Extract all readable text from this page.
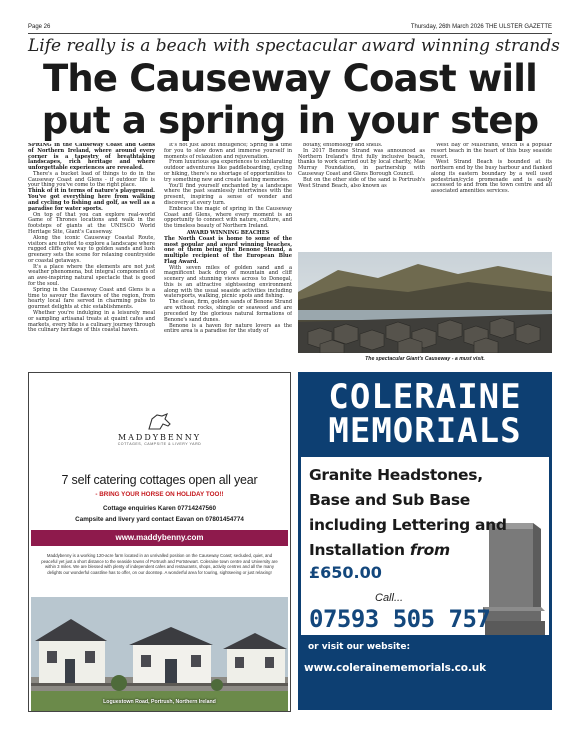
Page 26	Thursday, 26th March 2026 THE ULSTER GAZETTE
Life really is a beach with spectacular award winning strands
The Causeway Coast will put a spring in your step

SPRING in the Causeway Coast and Glens of Northern Ireland, where around every corner is a tapestry of breathtaking landscapes, rich heritage and where unforgettable experiences are revealed.

There's a bucket load of things to do in the Causeway Coast and Glens - if outdoor life is your thing you've come to the right place.

Think of it in terms of nature's playground. You've got everything here from walking and cycling to fishing and golf, as well as a paradise for water sports.

On top of that you can explore real-world Game of Thrones locations and walk in the footsteps of giants at the UNESCO World Heritage Site, Giant's Causeway.

Along the iconic Causeway Coastal Route, visitors are invited to explore a landscape where rugged cliffs give way to golden sands and lush greenery sets the scene for relaxing countryside or coastal getaways.

It's a place where the elements are not just weather phenomena, but integral components of an awe-inspiring natural spectacle that is good for the soul.

Spring in the Causeway Coast and Glens is a time to savour the flavours of the region, from hearty local fare served in charming pubs to gourmet delights at chic establishments.

Whether you're indulging in a leisurely meal or sampling artisanal treats at quaint cafes and markets, every bite is a culinary journey through the culinary heritage of this coastal haven.

It's not just about indulgence; Spring is a time for you to slow down and immerse yourself in moments of relaxation and rejuvenation.

From luxurious spa experiences to exhilarating outdoor adventures like paddleboarding, cycling or hiking, there's no shortage of opportunities to try something new and create lasting memories.

You'll find yourself enchanted by a landscape where the past seamlessly intertwines with the present, inspiring a sense of wonder and discovery at every turn.

Embrace the magic of spring in the Causeway Coast and Glens, where every moment is an opportunity to connect with nature, culture, and the timeless beauty of Northern Ireland.

AWARD WINNING BEACHES

The North Coast is home to some of the most popular and award winning beaches, one of them being the Benone Strand, a multiple recipient of the European Blue Flag Award.

With seven miles of golden sand and a magnificent back drop of mountain and cliff scenery and stunning views across to Donegal, this is an attractive sightseeing environment along with the usual seaside activities including watersports, walking, picnic spots and fishing.

The clean, firm, golden sands of Benone Strand are without rocks, shingle or seaweed and are preceded by the glorious natural formations of Benone's sand dunes.

Benone is a haven for nature lovers as the entire area is a paradise for the study of

botany, entomology and shells.

In 2017 Benone Strand was announced as Northern Ireland's first fully inclusive beach, thanks to work carried out by local charity, Mae Murray Foundation, in partnership with Causeway Coast and Glens Borough Council.

But on the other side of the sand is Portrush's West Strand Beach, also known as

West Bay or Millstrand, which is a popular resort beach in the heart of this busy seaside resort.

West Strand Beach is bounded at its northern end by the busy harbour and flanked along its eastern boundary by a well used pedestrian/cycle promenade and is easily accessed to and from the town centre and all associated amenities services.

The spectacular Giant's Causeway - a must visit.
MADDYBENNY
COTTAGES, CAMPSITE & LIVERY YARD
7 self catering cottages open all year
- BRING YOUR HORSE ON HOLIDAY TOO!!
Cottage enquiries Karen 07714247560
Campsite and livery yard contact Eavan on 07801454774
www.maddybenny.com
Maddybenny is a working 120-acre farm located in an unrivalled position on the Causeway Coast; secluded, quiet, and peaceful yet just a short distance to the seaside towns of Portrush and Portstewart. Coleraine town centre and University are within 3 miles. We are blessed with plenty of independent cafes and restaurants, shops, activity centres and all the many delights our wonderful coastline has to offer, on our doorstep. A wonderful area for touring, sightseeing or just relaxing!
Loguestown Road, Portrush, Northern Ireland
COLERAINE
MEMORIALS
Granite Headstones,
Base and Sub Base
including Lettering and
Installation from
£650.00
Call...
07593 505 757
or visit our website:
www.colerainememorials.co.uk
